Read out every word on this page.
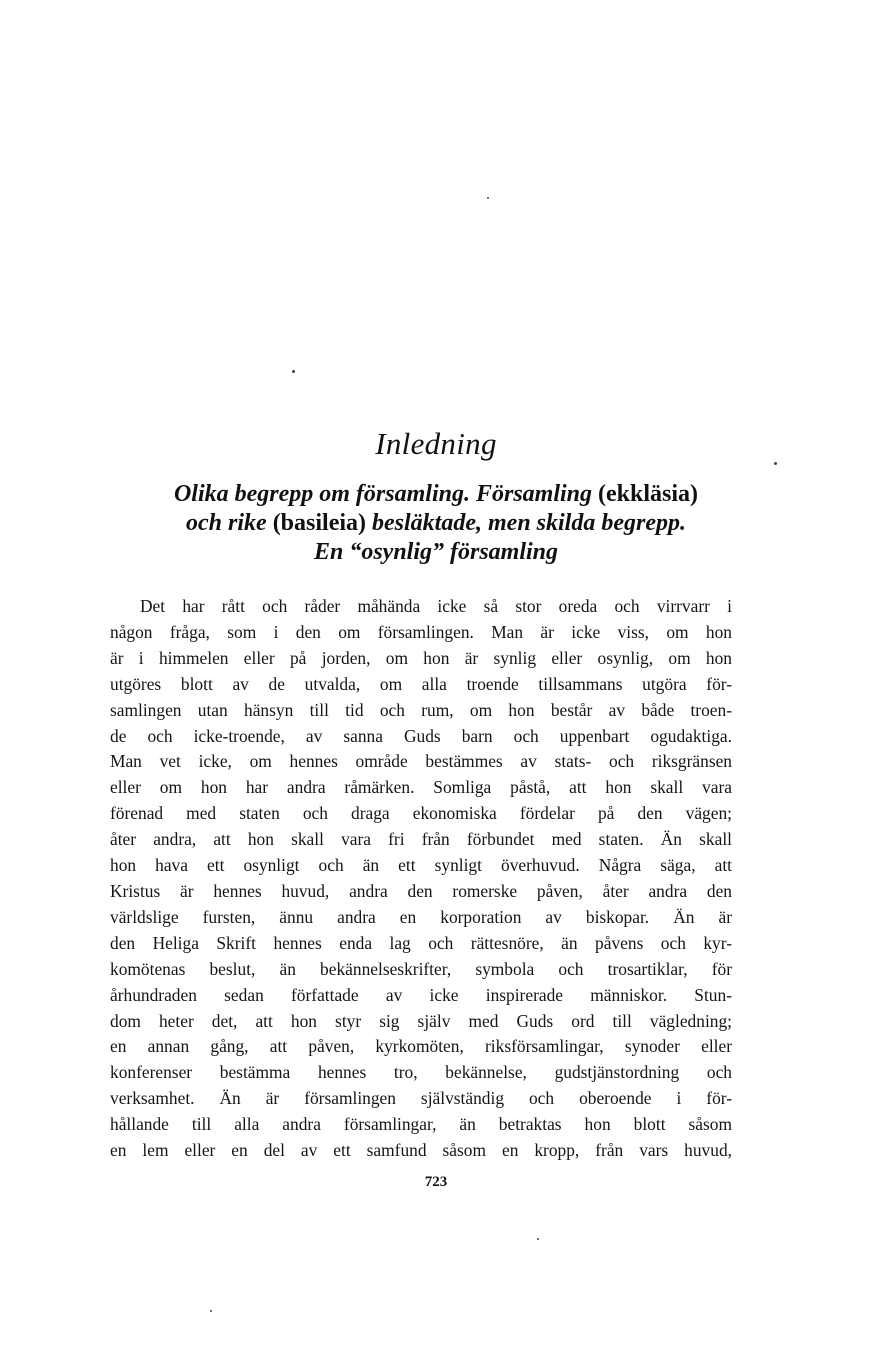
Inledning
Olika begrepp om församling. Församling (ekkläsia)
och rike (basileia) besläktade, men skilda begrepp.
En “osynlig” församling
Det har rått och råder måhända icke så stor oreda och virrvarr i
någon fråga, som i den om församlingen. Man är icke viss, om hon
är i himmelen eller på jorden, om hon är synlig eller osynlig, om hon
utgöres blott av de utvalda, om alla troende tillsammans utgöra för-
samlingen utan hänsyn till tid och rum, om hon består av både troen-
de och icke-troende, av sanna Guds barn och uppenbart ogudaktiga.
Man vet icke, om hennes område bestämmes av stats- och riksgränsen
eller om hon har andra råmärken. Somliga påstå, att hon skall vara
förenad med staten och draga ekonomiska fördelar på den vägen;
åter andra, att hon skall vara fri från förbundet med staten. Än skall
hon hava ett osynligt och än ett synligt överhuvud. Några säga, att
Kristus är hennes huvud, andra den romerske påven, åter andra den
världslige fursten, ännu andra en korporation av biskopar. Än är
den Heliga Skrift hennes enda lag och rättesnöre, än påvens och kyr-
komötenas beslut, än bekännelseskrifter, symbola och trosartiklar, för
århundraden sedan författade av icke inspirerade människor. Stun-
dom heter det, att hon styr sig själv med Guds ord till vägledning;
en annan gång, att påven, kyrkomöten, riksförsamlingar, synoder eller
konferenser bestämma hennes tro, bekännelse, gudstjänstordning och
verksamhet. Än är församlingen självständig och oberoende i för-
hållande till alla andra församlingar, än betraktas hon blott såsom
en lem eller en del av ett samfund såsom en kropp, från vars huvud,
723
